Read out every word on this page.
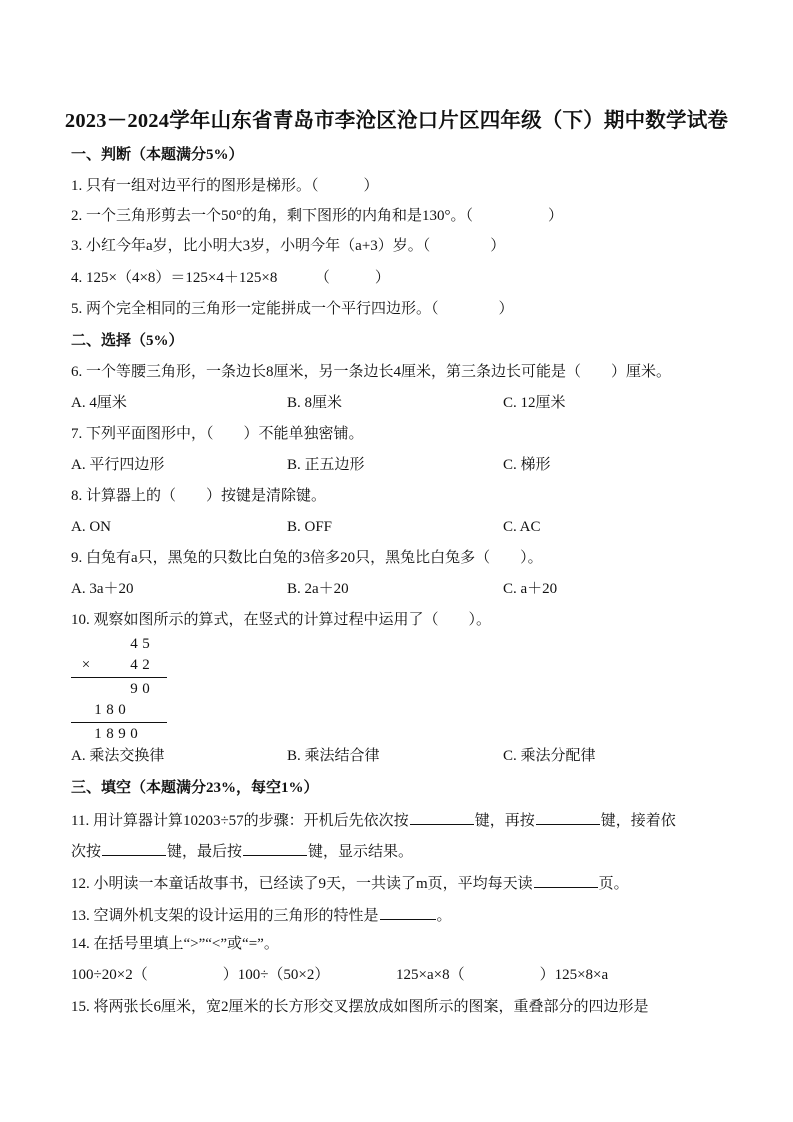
2023－2024学年山东省青岛市李沧区沧口片区四年级（下）期中数学试卷
一、判断（本题满分5%）
1. 只有一组对边平行的图形是梯形。（　　　）
2. 一个三角形剪去一个50°的角，剩下图形的内角和是130°。（　　　　　）
3. 小红今年a岁，比小明大3岁，小明今年（a+3）岁。（　　　　）
4. 125×（4×8）＝125×4＋125×8　　　（　　　）
5. 两个完全相同的三角形一定能拼成一个平行四边形。（　　　　）
二、选择（5%）
6. 一个等腰三角形，一条边长8厘米，另一条边长4厘米，第三条边长可能是（　　）厘米。
A. 4厘米	B. 8厘米	C. 12厘米
7. 下列平面图形中，（　　）不能单独密铺。
A. 平行四边形	B. 正五边形	C. 梯形
8. 计算器上的（　　）按键是清除键。
A. ON	B. OFF	C. AC
9. 白兔有a只，黑兔的只数比白兔的3倍多20只，黑兔比白兔多（　　）。
A. 3a＋20	B. 2a＋20	C. a＋20
10. 观察如图所示的算式，在竖式的计算过程中运用了（　　）。
4 5
×	4 2
9 0
1 8 0
1 8 9 0
A. 乘法交换律	B. 乘法结合律	C. 乘法分配律
三、填空（本题满分23%，每空1%）
11. 用计算器计算10203÷57的步骤：开机后先依次按	键，再按	键，接着依
次按	键，最后按	键，显示结果。
12. 小明读一本童话故事书，已经读了9天，一共读了m页，平均每天读	页。
13. 空调外机支架的设计运用的三角形的特性是	。
14. 在括号里填上“>”“<”或“=”。
100÷20×2（　　　　　）100÷（50×2）	125×a×8（　　　　　）125×8×a
15. 将两张长6厘米，宽2厘米的长方形交叉摆放成如图所示的图案，重叠部分的四边形是
